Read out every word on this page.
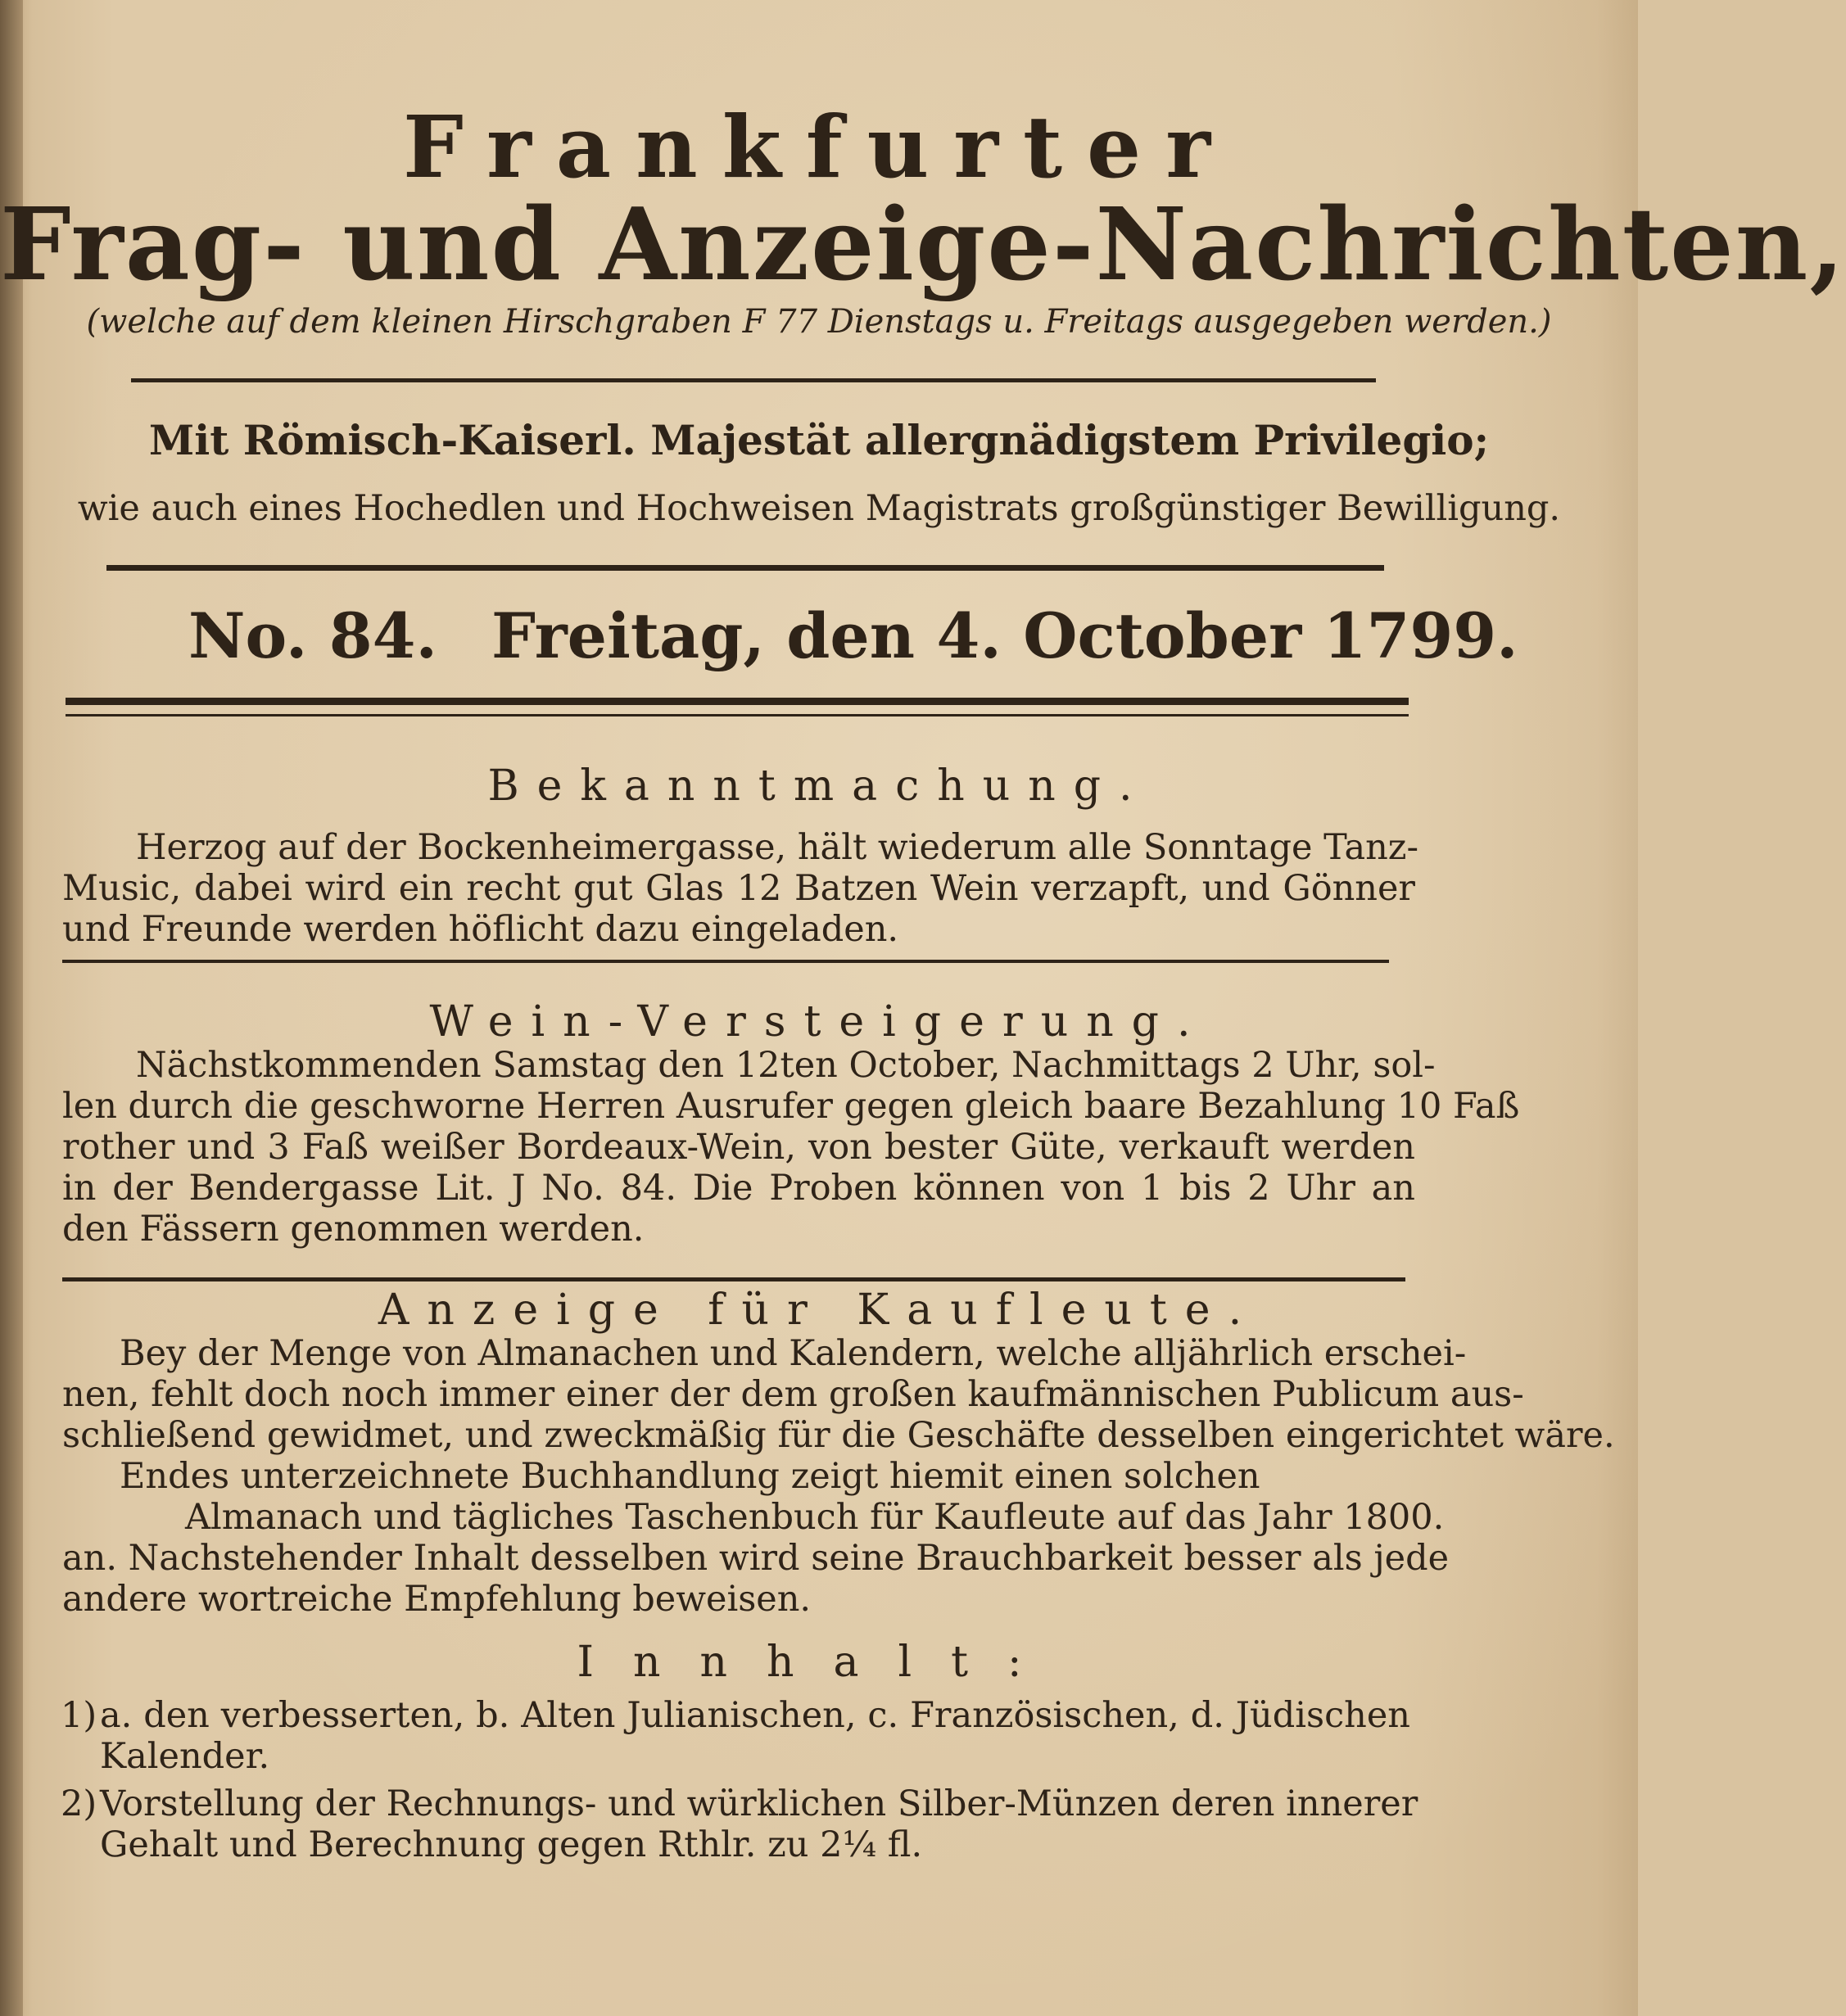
Frankfurter
Frag- und Anzeige-Nachrichten,
(welche auf dem kleinen Hirschgraben F 77 Dienstags u. Freitags ausgegeben werden.)
Mit Römisch-Kaiserl. Majestät allergnädigstem Privilegio;
wie auch eines Hochedlen und Hochweisen Magistrats großgünstiger Bewilligung.
No. 84. Freitag, den 4. October 1799.
Bekanntmachung.
Herzog auf der Bockenheimergasse, hält wiederum alle Sonntage Tanz-
Music, dabei wird ein recht gut Glas 12 Batzen Wein verzapft, und Gönner
und Freunde werden höflicht dazu eingeladen.
Wein-Versteigerung.
Nächstkommenden Samstag den 12ten October, Nachmittags 2 Uhr, sol-
len durch die geschworne Herren Ausrufer gegen gleich baare Bezahlung 10 Faß
rother und 3 Faß weißer Bordeaux-Wein, von bester Güte, verkauft werden
in der Bendergasse Lit. J No. 84. Die Proben können von 1 bis 2 Uhr an
den Fässern genommen werden.
Anzeige für Kaufleute.
Bey der Menge von Almanachen und Kalendern, welche alljährlich erschei-
nen, fehlt doch noch immer einer der dem großen kaufmännischen Publicum aus-
schließend gewidmet, und zweckmäßig für die Geschäfte desselben eingerichtet wäre.
Endes unterzeichnete Buchhandlung zeigt hiemit einen solchen
Almanach und tägliches Taschenbuch für Kaufleute auf das Jahr 1800.
an. Nachstehender Inhalt desselben wird seine Brauchbarkeit besser als jede
andere wortreiche Empfehlung beweisen.
Innhalt:
1) a. den verbesserten, b. Alten Julianischen, c. Französischen, d. Jüdischen
Kalender.
2) Vorstellung der Rechnungs- und würklichen Silber-Münzen deren innerer
Gehalt und Berechnung gegen Rthlr. zu 2¼ fl.
